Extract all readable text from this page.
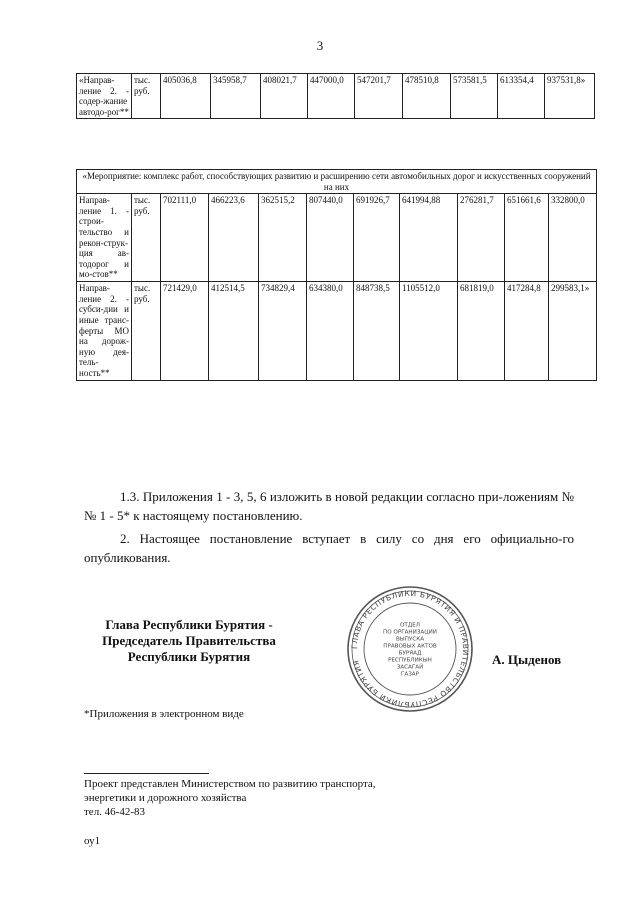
3
«Направ-ление 2. - содер-жание автодо-рог**	тыс. руб.	405036,8	345958,7	408021,7	447000,0	547201,7	478510,8	573581,5	613354,4	937531,8»
«Мероприятие: комплекс работ, способствующих развитию и расширению сети автомобильных дорог и искусственных сооружений на них										
Направ-ление 1. - строи-тельство и рекон-струк-ция ав-тодорог и мо-стов**	тыс. руб.	702111,0	466223,6	362515,2	807440,0	691926,7	641994,88	276281,7	651661,6	332800,0
Направ-ление 2. - субси-дии и иные транс-ферты МО на дорож-ную дея-тель-ность**	тыс. руб.	721429,0	412514,5	734829,4	634380,0	848738,5	1105512,0	681819,0	417284,8	299583,1»

1.3. Приложения 1 - 3, 5, 6 изложить в новой редакции согласно при-ложениям №№ 1 - 5* к настоящему постановлению.

2. Настоящее постановление вступает в силу со дня его официально-го опубликования.

Глава Республики Бурятия -
Председатель Правительства
Республики Бурятия
ГЛАВА РЕСПУБЛИКИ БУРЯТИЯ И ПРАВИТЕЛЬСТВО РЕСПУБЛИКИ БУРЯТИЯ
ОТДЕЛ
ПО ОРГАНИЗАЦИИ
ВЫПУСКА
ПРАВОВЫХ АКТОВ
БУРЯАД
РЕСПУБЛИКЫН
ЗАСАГАЙ
ГАЗАР
А. Цыденов
*Приложения в электронном виде
Проект представлен Министерством по развитию транспорта,
энергетики и дорожного хозяйства
тел. 46-42-83
оу1
